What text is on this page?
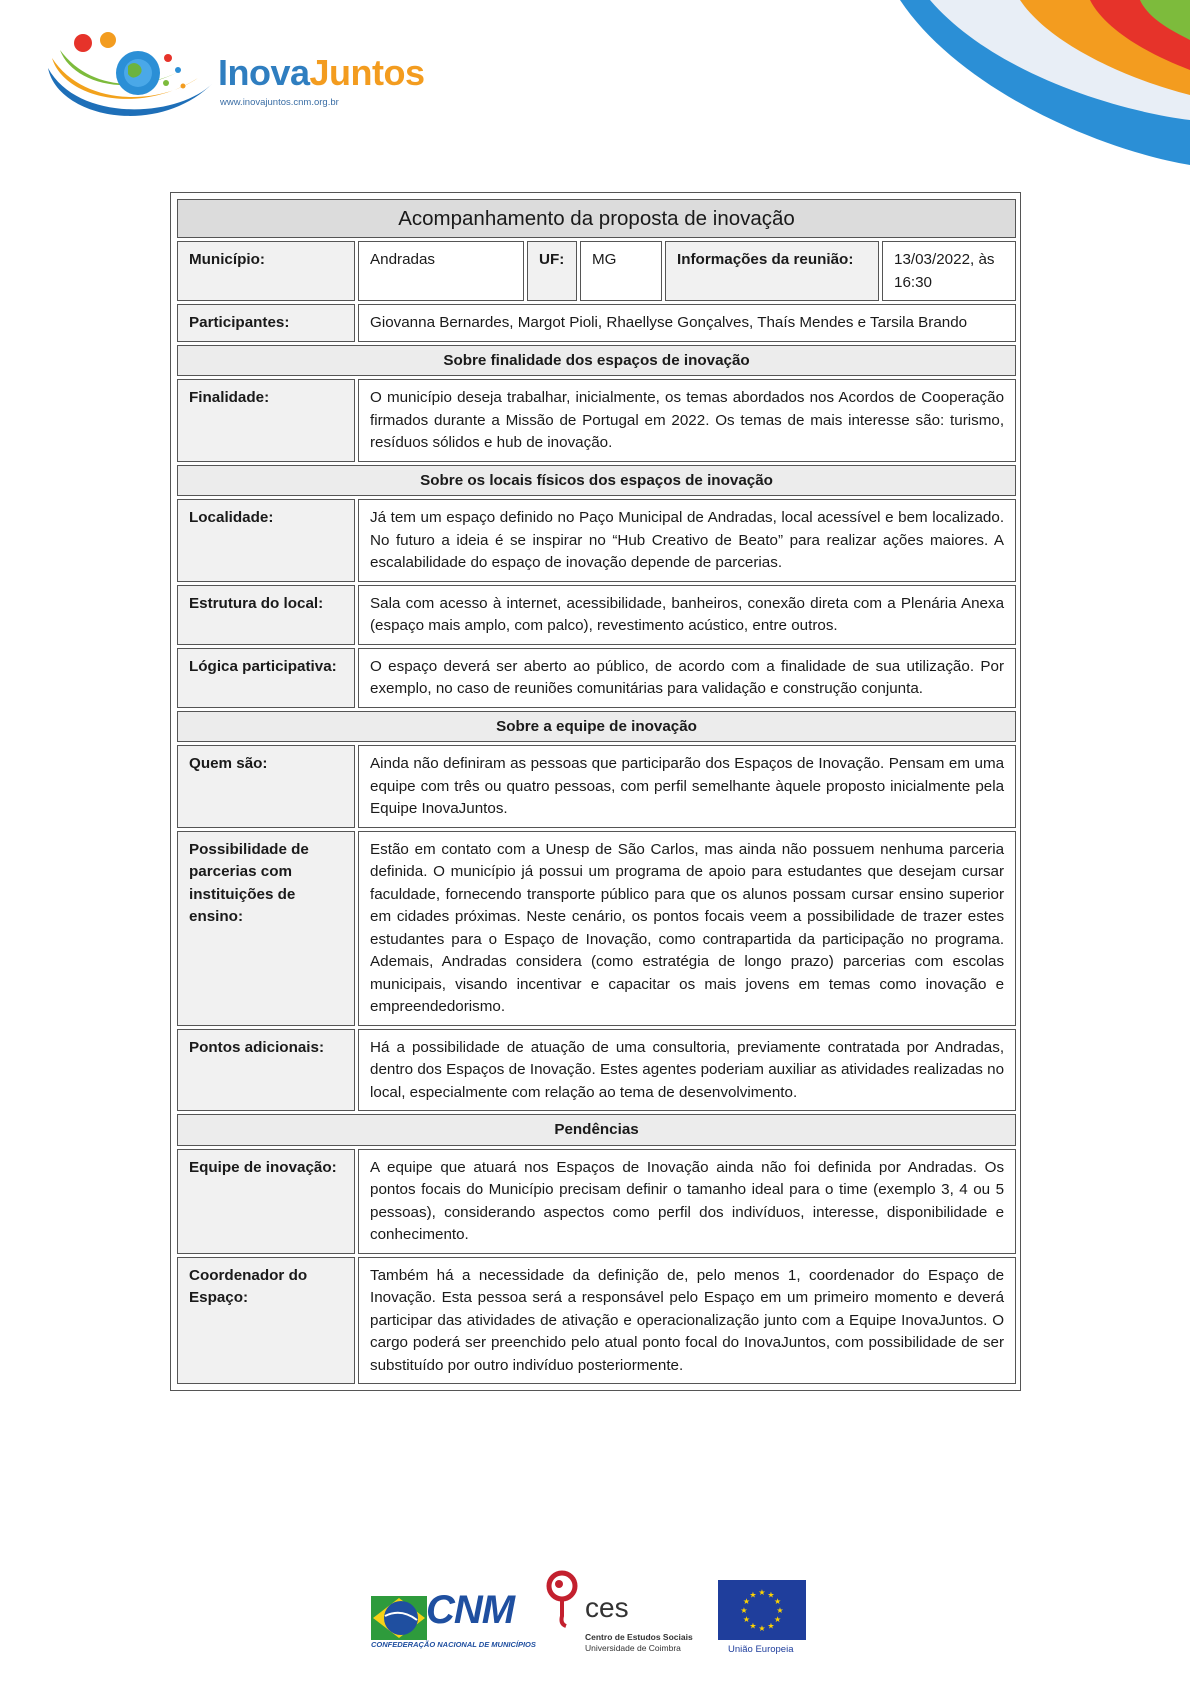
InovaJuntos
www.inovajuntos.cnm.org.br
Acompanhamento da proposta de inovação					
Município:	Andradas	UF:	MG	Informações da reunião:	13/03/2022, às 16:30
Participantes:	Giovanna Bernardes, Margot Pioli, Rhaellyse Gonçalves, Thaís Mendes e Tarsila Brando				
Sobre finalidade dos espaços de inovação					
Finalidade:	O município deseja trabalhar, inicialmente, os temas abordados nos Acordos de Cooperação firmados durante a Missão de Portugal em 2022. Os temas de mais interesse são: turismo, resíduos sólidos e hub de inovação.				
Sobre os locais físicos dos espaços de inovação					
Localidade:	Já tem um espaço definido no Paço Municipal de Andradas, local acessível e bem localizado. No futuro a ideia é se inspirar no “Hub Creativo de Beato” para realizar ações maiores. A escalabilidade do espaço de inovação depende de parcerias.				
Estrutura do local:	Sala com acesso à internet, acessibilidade, banheiros, conexão direta com a Plenária Anexa (espaço mais amplo, com palco), revestimento acústico, entre outros.				
Lógica participativa:	O espaço deverá ser aberto ao público, de acordo com a finalidade de sua utilização. Por exemplo, no caso de reuniões comunitárias para validação e construção conjunta.				
Sobre a equipe de inovação					
Quem são:	Ainda não definiram as pessoas que participarão dos Espaços de Inovação. Pensam em uma equipe com três ou quatro pessoas, com perfil semelhante àquele proposto inicialmente pela Equipe InovaJuntos.				
Possibilidade de parcerias com instituições de ensino:	Estão em contato com a Unesp de São Carlos, mas ainda não possuem nenhuma parceria definida. O município já possui um programa de apoio para estudantes que desejam cursar faculdade, fornecendo transporte público para que os alunos possam cursar ensino superior em cidades próximas. Neste cenário, os pontos focais veem a possibilidade de trazer estes estudantes para o Espaço de Inovação, como contrapartida da participação no programa. Ademais, Andradas considera (como estratégia de longo prazo) parcerias com escolas municipais, visando incentivar e capacitar os mais jovens em temas como inovação e empreendedorismo.				
Pontos adicionais:	Há a possibilidade de atuação de uma consultoria, previamente contratada por Andradas, dentro dos Espaços de Inovação. Estes agentes poderiam auxiliar as atividades realizadas no local, especialmente com relação ao tema de desenvolvimento.				
Pendências					
Equipe de inovação:	A equipe que atuará nos Espaços de Inovação ainda não foi definida por Andradas. Os pontos focais do Município precisam definir o tamanho ideal para o time (exemplo 3, 4 ou 5 pessoas), considerando aspectos como perfil dos indivíduos, interesse, disponibilidade e conhecimento.				
Coordenador do Espaço:	Também há a necessidade da definição de, pelo menos 1, coordenador do Espaço de Inovação. Esta pessoa será a responsável pelo Espaço em um primeiro momento e deverá participar das atividades de ativação e operacionalização junto com a Equipe InovaJuntos. O cargo poderá ser preenchido pelo atual ponto focal do InovaJuntos, com possibilidade de ser substituído por outro indivíduo posteriormente.				
CNM
CONFEDERAÇÃO NACIONAL DE MUNICÍPIOS
ces
Centro de Estudos Sociais
Universidade de Coimbra
★ ★
★
★
★
★
★
★
★
★
★
★
União Europeia
